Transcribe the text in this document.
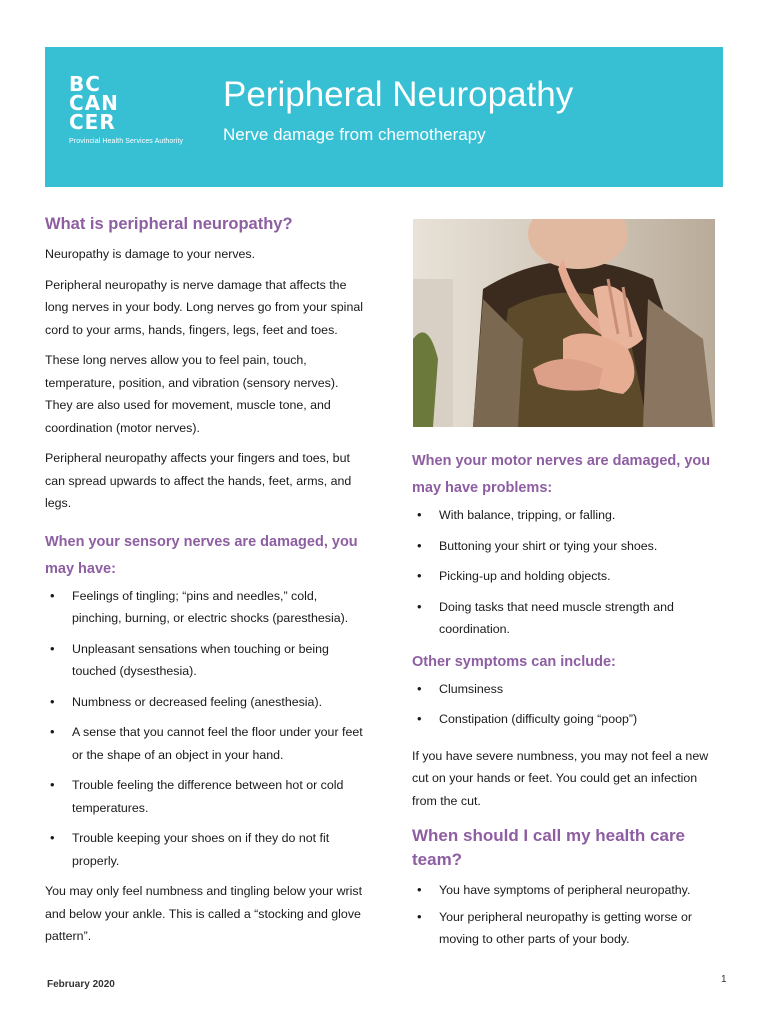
BC
CAN
CER
Provincial Health Services Authority
Peripheral Neuropathy
Nerve damage from chemotherapy
What is peripheral neuropathy?

Neuropathy is damage to your nerves.

Peripheral neuropathy is nerve damage that affects the long nerves in your body. Long nerves go from your spinal cord to your arms, hands, fingers, legs, feet and toes.

These long nerves allow you to feel pain, touch, temperature, position, and vibration (sensory nerves). They are also used for movement, muscle tone, and coordination (motor nerves).

Peripheral neuropathy affects your fingers and toes, but can spread upwards to affect the hands, feet, arms, and legs.

When your sensory nerves are damaged, you may have:
• Feelings of tingling; “pins and needles,” cold, pinching, burning, or electric shocks (paresthesia).
• Unpleasant sensations when touching or being touched (dysesthesia).
• Numbness or decreased feeling (anesthesia).
• A sense that you cannot feel the floor under your feet or the shape of an object in your hand.
• Trouble feeling the difference between hot or cold temperatures.
• Trouble keeping your shoes on if they do not fit properly.

You may only feel numbness and tingling below your wrist and below your ankle. This is called a “stocking and glove pattern”.

When your motor nerves are damaged, you may have problems:
• With balance, tripping, or falling.
• Buttoning your shirt or tying your shoes.
• Picking-up and holding objects.
• Doing tasks that need muscle strength and coordination.
Other symptoms can include:
• Clumsiness
• Constipation (difficulty going “poop”)

If you have severe numbness, you may not feel a new cut on your hands or feet. You could get an infection from the cut.

When should I call my health care team?
• You have symptoms of peripheral neuropathy.
• Your peripheral neuropathy is getting worse or moving to other parts of your body.
February 2020	1
